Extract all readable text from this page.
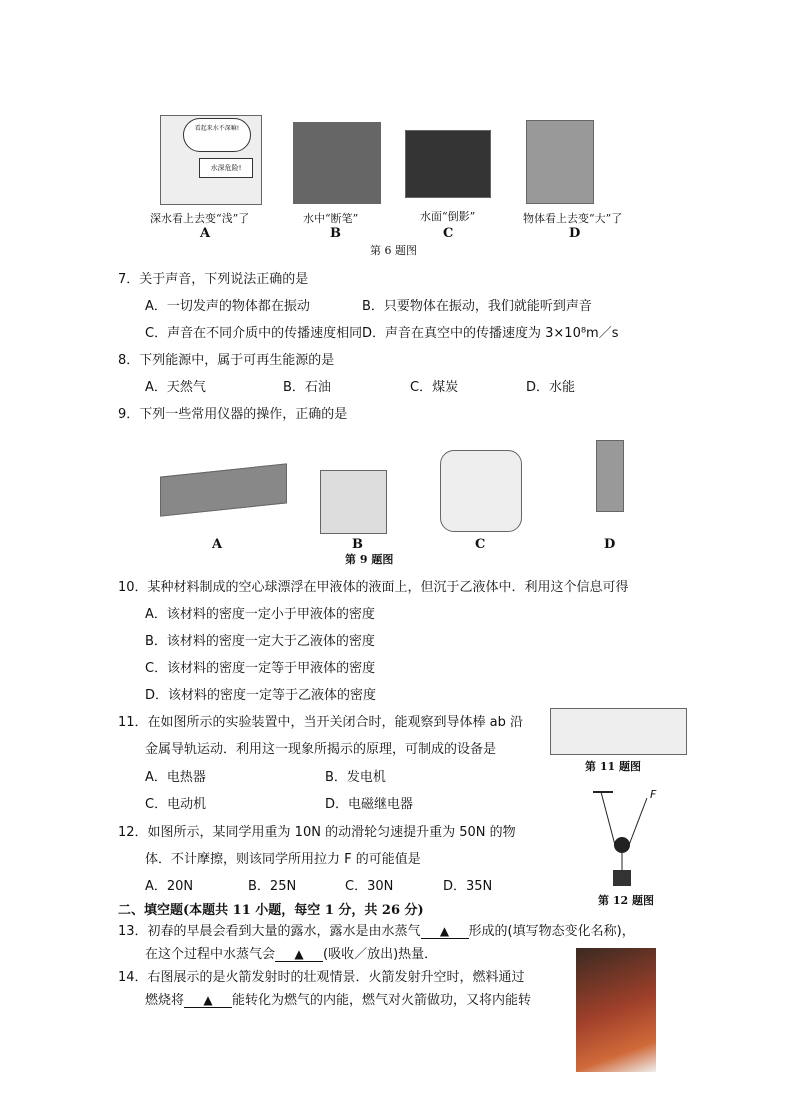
看起来水不深嘛!
水深危险!
深水看上去变“浅”了	水中“断笔”	水面“倒影”	物体看上去变“大”了
A	B	C	D
第 6 题图
7．关于声音，下列说法正确的是
A．一切发声的物体都在振动	B．只要物体在振动，我们就能听到声音
C．声音在不同介质中的传播速度相同 D．声音在真空中的传播速度为 3×10⁸m／s
8．下列能源中，属于可再生能源的是
A．天然气	B．石油	C．煤炭	D．水能
9．下列一些常用仪器的操作，正确的是
A	B	C	D
第 9 题图
10．某种材料制成的空心球漂浮在甲液体的液面上，但沉于乙液体中．利用这个信息可得
A．该材料的密度一定小于甲液体的密度
B．该材料的密度一定大于乙液体的密度
C．该材料的密度一定等于甲液体的密度
D．该材料的密度一定等于乙液体的密度
11．在如图所示的实验装置中，当开关闭合时，能观察到导体棒 ab 沿
金属导轨运动．利用这一现象所揭示的原理，可制成的设备是
A．电热器	B．发电机
C．电动机	D．电磁继电器
第 11 题图
12．如图所示，某同学用重为 10N 的动滑轮匀速提升重为 50N 的物
体．不计摩擦，则该同学所用拉力 F 的可能值是
A．20N	B．25N	C．30N	D．35N
F
第 12 题图
二、填空题(本题共 11 小题，每空 1 分，共 26 分)
13．初春的早晨会看到大量的露水，露水是由水蒸气 ▲ 形成的(填写物态变化名称)，
在这个过程中水蒸气会 ▲ (吸收／放出)热量．
14．右图展示的是火箭发射时的壮观情景．火箭发射升空时，燃料通过
燃烧将 ▲ 能转化为燃气的内能，燃气对火箭做功，又将内能转
